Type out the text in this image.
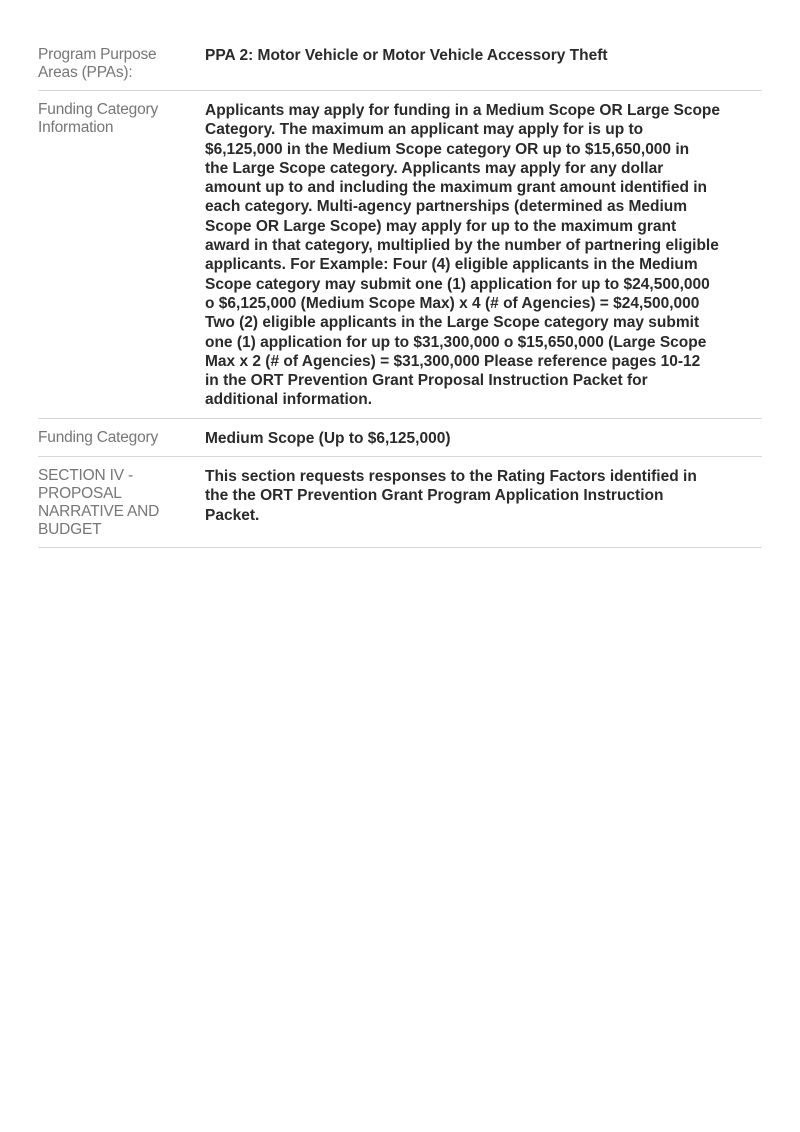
Program Purpose
Areas (PPAs):
PPA 2: Motor Vehicle or Motor Vehicle Accessory Theft
Funding Category
Information
Applicants may apply for funding in a Medium Scope OR Large Scope
Category. The maximum an applicant may apply for is up to
$6,125,000 in the Medium Scope category OR up to $15,650,000 in
the Large Scope category. Applicants may apply for any dollar
amount up to and including the maximum grant amount identified in
each category. Multi-agency partnerships (determined as Medium
Scope OR Large Scope) may apply for up to the maximum grant
award in that category, multiplied by the number of partnering eligible
applicants. For Example: Four (4) eligible applicants in the Medium
Scope category may submit one (1) application for up to $24,500,000
o $6,125,000 (Medium Scope Max) x 4 (# of Agencies) = $24,500,000
Two (2) eligible applicants in the Large Scope category may submit
one (1) application for up to $31,300,000 o $15,650,000 (Large Scope
Max x 2 (# of Agencies) = $31,300,000 Please reference pages 10-12
in the ORT Prevention Grant Proposal Instruction Packet for
additional information.
Funding Category	Medium Scope (Up to $6,125,000)
SECTION IV -
PROPOSAL
NARRATIVE AND
BUDGET
This section requests responses to the Rating Factors identified in
the the ORT Prevention Grant Program Application Instruction
Packet.
